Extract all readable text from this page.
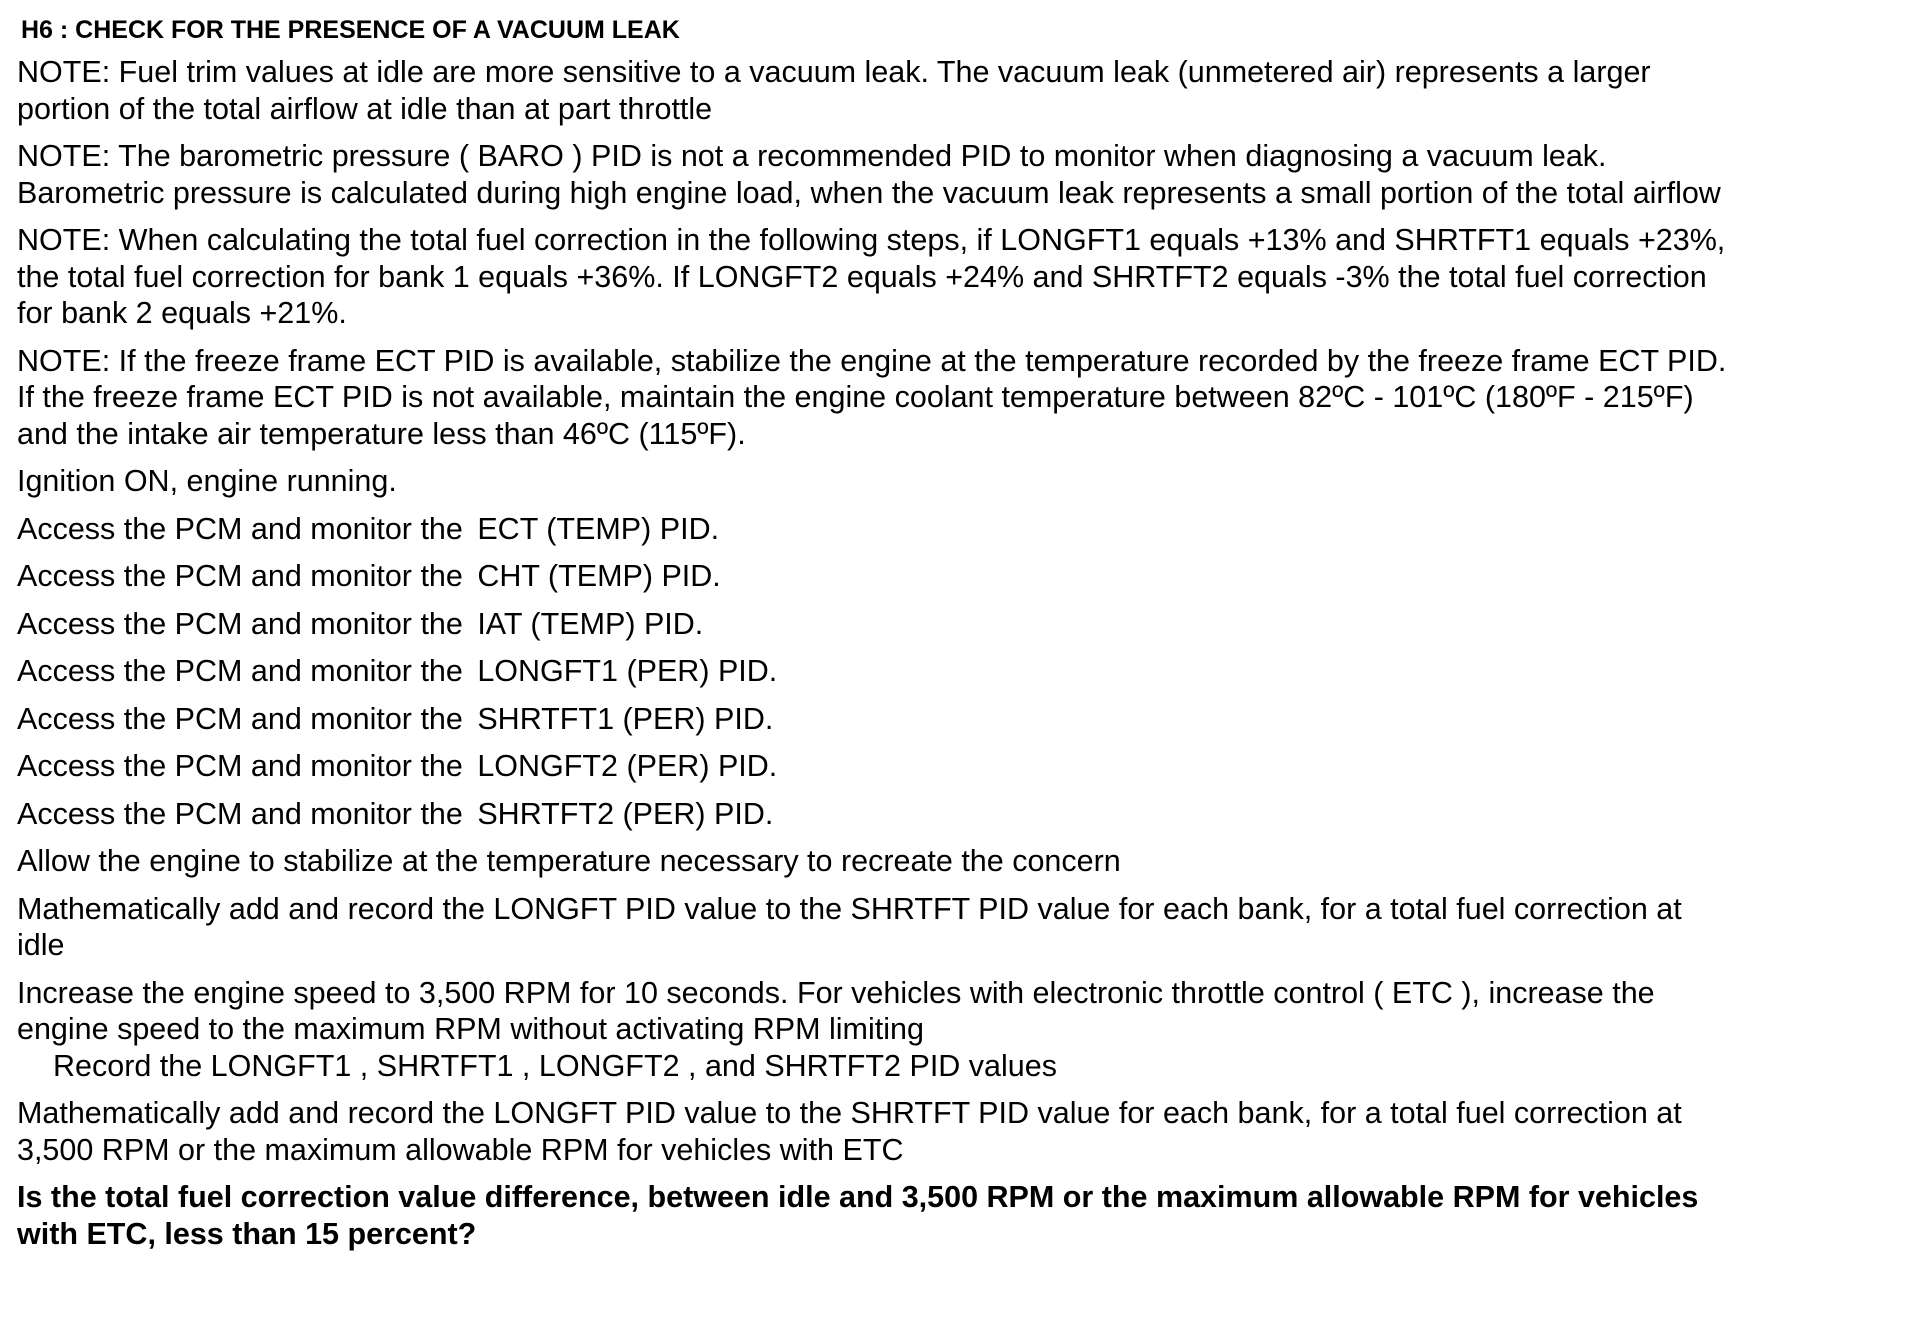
H6 : CHECK FOR THE PRESENCE OF A VACUUM LEAK
NOTE: Fuel trim values at idle are more sensitive to a vacuum leak. The vacuum leak (unmetered air) represents a larger
portion of the total airflow at idle than at part throttle
NOTE: The barometric pressure ( BARO ) PID is not a recommended PID to monitor when diagnosing a vacuum leak.
Barometric pressure is calculated during high engine load, when the vacuum leak represents a small portion of the total airflow
NOTE: When calculating the total fuel correction in the following steps, if LONGFT1 equals +13% and SHRTFT1 equals +23%,
the total fuel correction for bank 1 equals +36%. If LONGFT2 equals +24% and SHRTFT2 equals -3% the total fuel correction
for bank 2 equals +21%.
NOTE: If the freeze frame ECT PID is available, stabilize the engine at the temperature recorded by the freeze frame ECT PID.
If the freeze frame ECT PID is not available, maintain the engine coolant temperature between 82ºC - 101ºC (180ºF - 215ºF)
and the intake air temperature less than 46ºC (115ºF).
Ignition ON, engine running.
Access the PCM and monitor the ECT (TEMP) PID.
Access the PCM and monitor the CHT (TEMP) PID.
Access the PCM and monitor the IAT (TEMP) PID.
Access the PCM and monitor the LONGFT1 (PER) PID.
Access the PCM and monitor the SHRTFT1 (PER) PID.
Access the PCM and monitor the LONGFT2 (PER) PID.
Access the PCM and monitor the SHRTFT2 (PER) PID.
Allow the engine to stabilize at the temperature necessary to recreate the concern
Mathematically add and record the LONGFT PID value to the SHRTFT PID value for each bank, for a total fuel correction at
idle
Increase the engine speed to 3,500 RPM for 10 seconds. For vehicles with electronic throttle control ( ETC ), increase the
engine speed to the maximum RPM without activating RPM limiting
Record the LONGFT1 , SHRTFT1 , LONGFT2 , and SHRTFT2 PID values
Mathematically add and record the LONGFT PID value to the SHRTFT PID value for each bank, for a total fuel correction at
3,500 RPM or the maximum allowable RPM for vehicles with ETC
Is the total fuel correction value difference, between idle and 3,500 RPM or the maximum allowable RPM for vehicles
with ETC, less than 15 percent?
